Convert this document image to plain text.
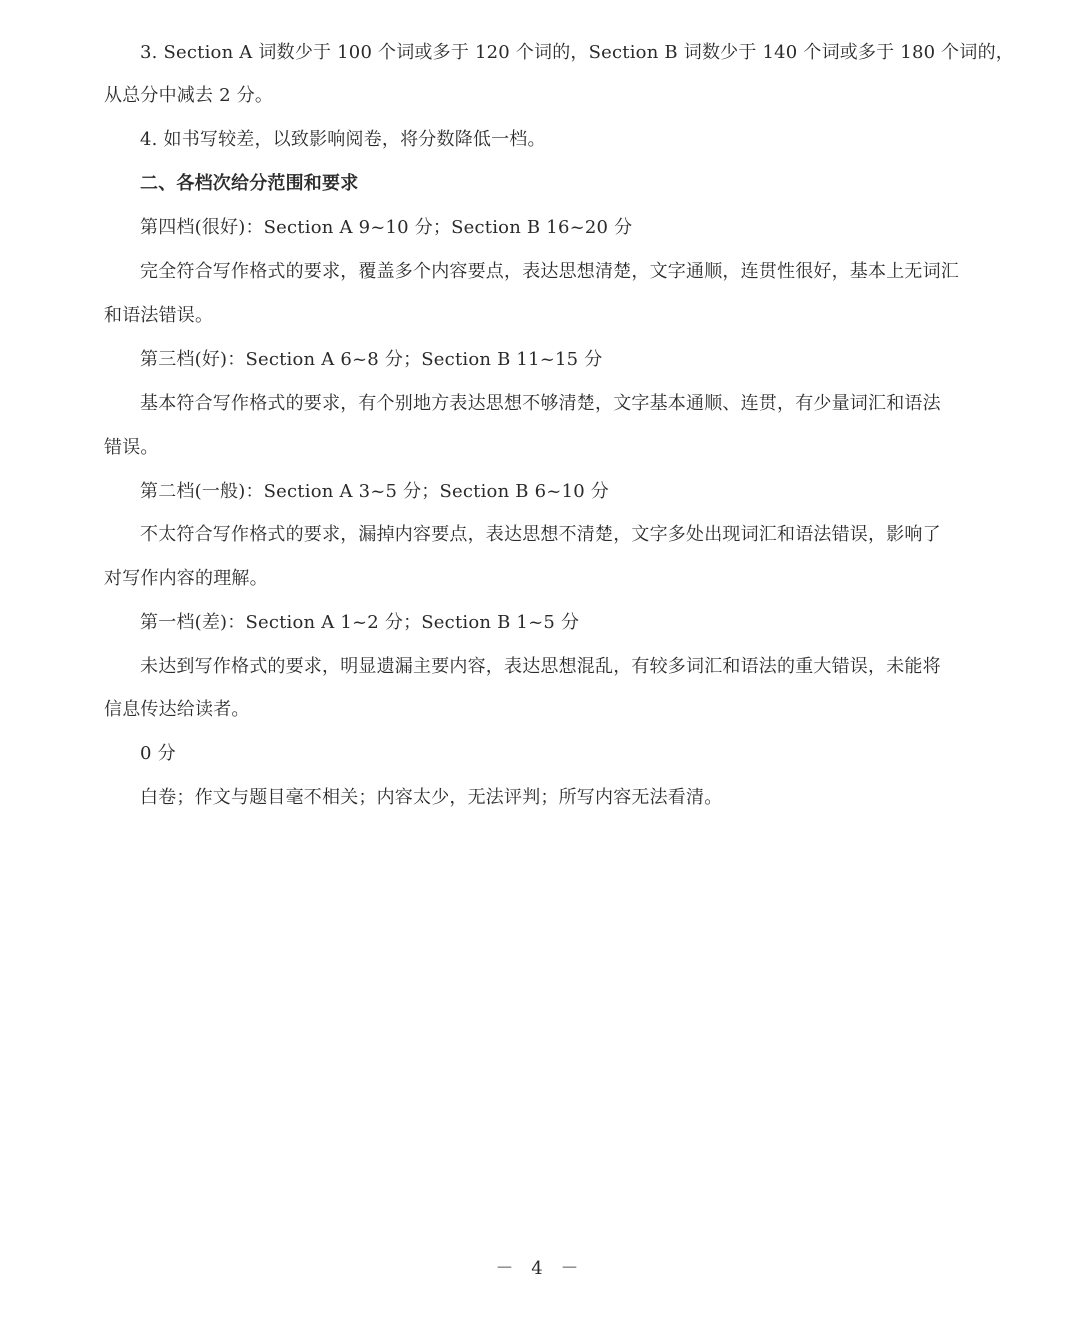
3. Section A 词数少于 100 个词或多于 120 个词的，Section B 词数少于 140 个词或多于 180 个词的，

从总分中减去 2 分。

4. 如书写较差，以致影响阅卷，将分数降低一档。

二、各档次给分范围和要求

第四档(很好)：Section A 9~10 分；Section B 16~20 分

完全符合写作格式的要求，覆盖多个内容要点，表达思想清楚，文字通顺，连贯性很好，基本上无词汇

和语法错误。

第三档(好)：Section A 6~8 分；Section B 11~15 分

基本符合写作格式的要求，有个别地方表达思想不够清楚，文字基本通顺、连贯，有少量词汇和语法

错误。

第二档(一般)：Section A 3~5 分；Section B 6~10 分

不太符合写作格式的要求，漏掉内容要点，表达思想不清楚，文字多处出现词汇和语法错误，影响了

对写作内容的理解。

第一档(差)：Section A 1~2 分；Section B 1~5 分

未达到写作格式的要求，明显遗漏主要内容，表达思想混乱，有较多词汇和语法的重大错误，未能将

信息传达给读者。

0 分

白卷；作文与题目毫不相关；内容太少，无法评判；所写内容无法看清。

－ 4 －
